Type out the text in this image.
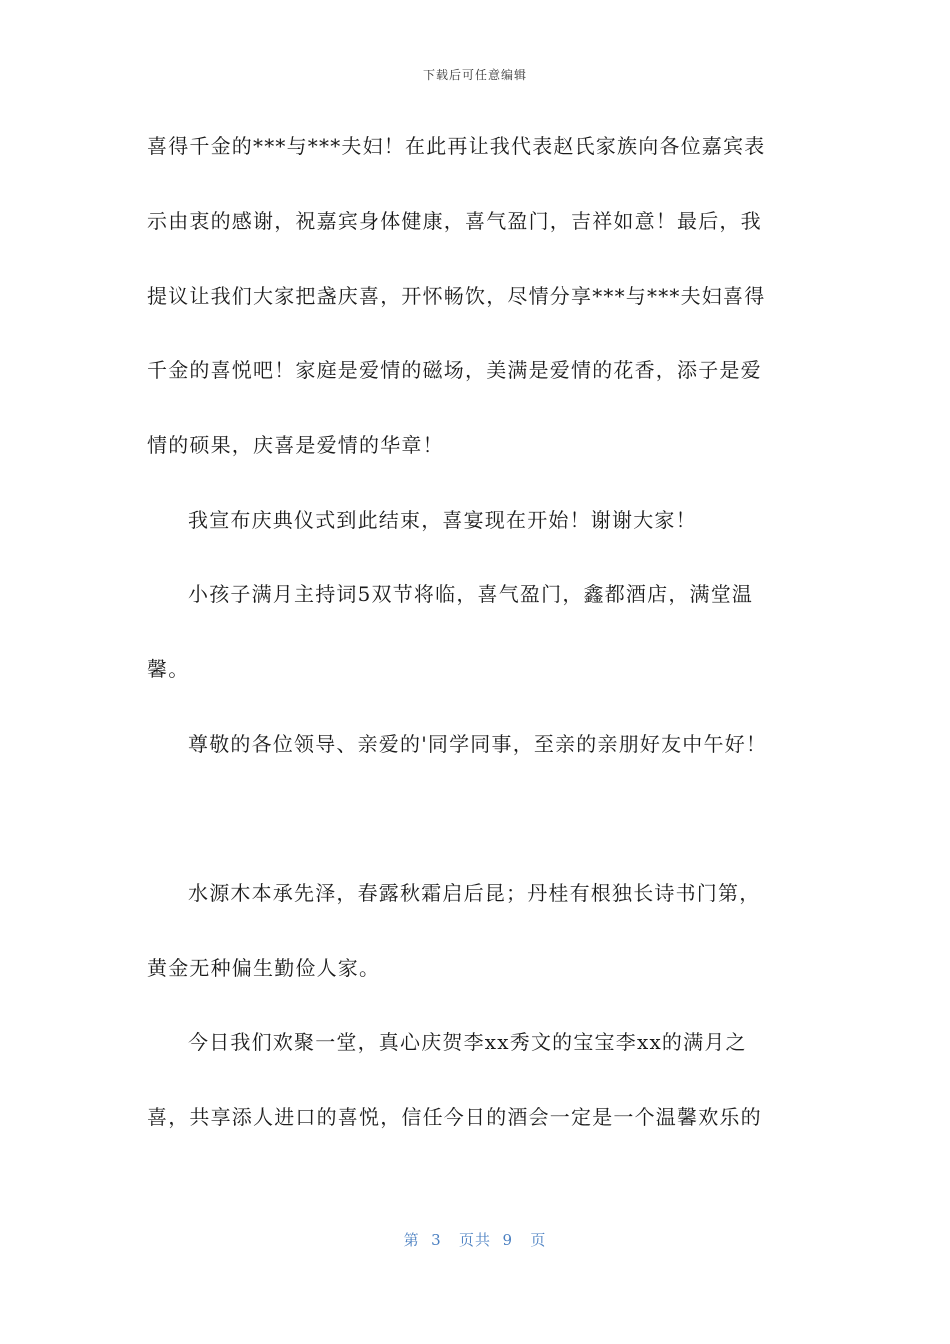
下载后可任意编辑
喜得千金的***与***夫妇！在此再让我代表赵氏家族向各位嘉宾表
示由衷的感谢，祝嘉宾身体健康，喜气盈门，吉祥如意！最后，我
提议让我们大家把盏庆喜，开怀畅饮，尽情分享***与***夫妇喜得
千金的喜悦吧！家庭是爱情的磁场，美满是爱情的花香，添子是爱
情的硕果，庆喜是爱情的华章！
我宣布庆典仪式到此结束，喜宴现在开始！谢谢大家！
小孩子满月主持词5双节将临，喜气盈门，鑫都酒店，满堂温
馨。
尊敬的各位领导、亲爱的'同学同事，至亲的亲朋好友中午好！
水源木本承先泽，春露秋霜启后昆；丹桂有根独长诗书门第，
黄金无种偏生勤俭人家。
今日我们欢聚一堂，真心庆贺李xx秀文的宝宝李xx的满月之
喜，共享添人进口的喜悦，信任今日的酒会一定是一个温馨欢乐的
第  3   页共  9   页
